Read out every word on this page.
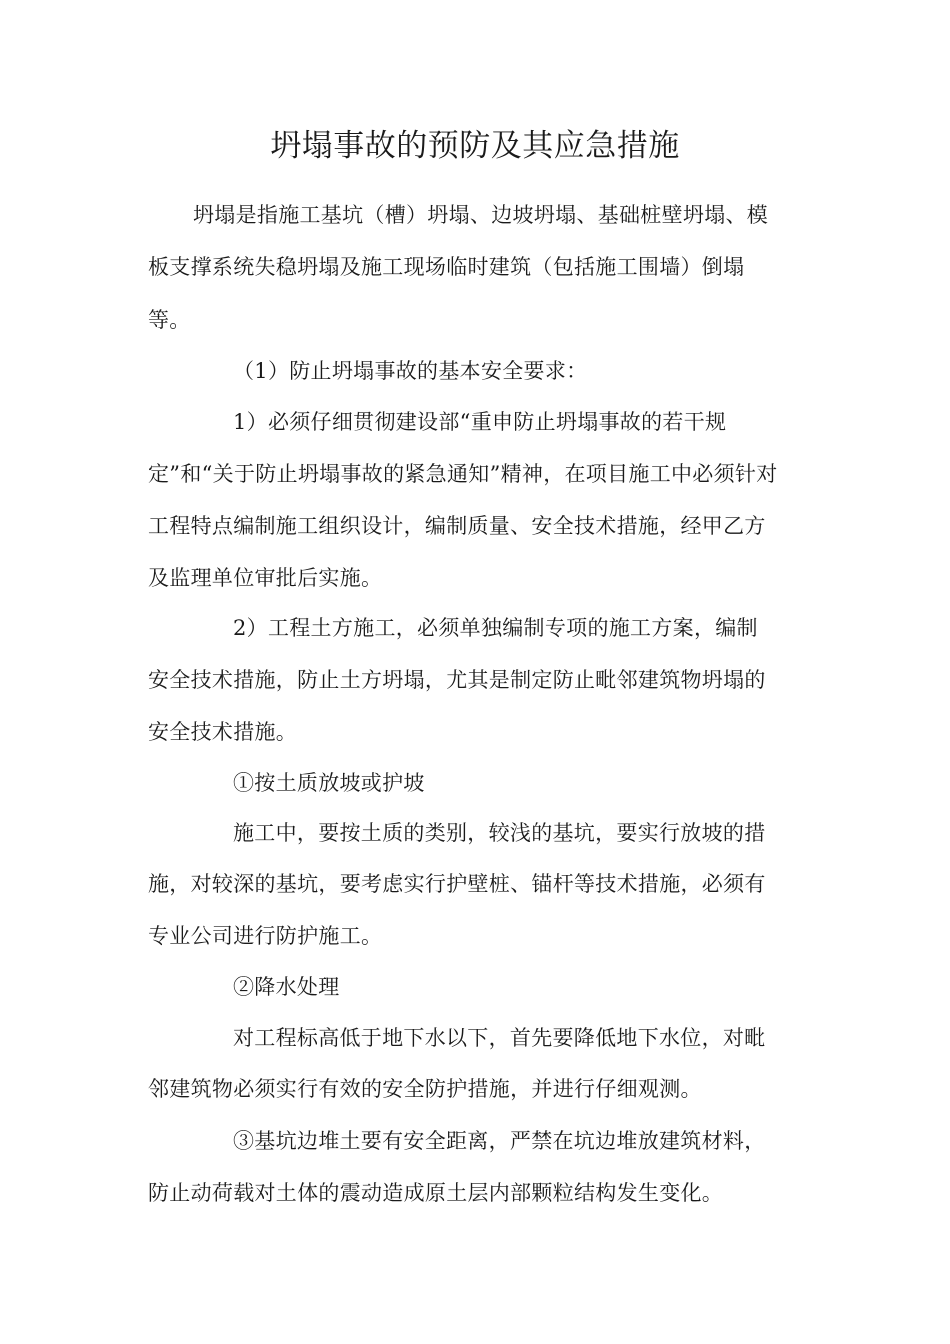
坍塌事故的预防及其应急措施
坍塌是指施工基坑（槽）坍塌、边坡坍塌、基础桩壁坍塌、模
板支撑系统失稳坍塌及施工现场临时建筑（包括施工围墙）倒塌
等。
（1）防止坍塌事故的基本安全要求：
1）必须仔细贯彻建设部“重申防止坍塌事故的若干规
定”和“关于防止坍塌事故的紧急通知”精神，在项目施工中必须针对
工程特点编制施工组织设计，编制质量、安全技术措施，经甲乙方
及监理单位审批后实施。
2）工程土方施工，必须单独编制专项的施工方案，编制
安全技术措施，防止土方坍塌，尤其是制定防止毗邻建筑物坍塌的
安全技术措施。
①按土质放坡或护坡
施工中，要按土质的类别，较浅的基坑，要实行放坡的措
施，对较深的基坑，要考虑实行护壁桩、锚杆等技术措施，必须有
专业公司进行防护施工。
②降水处理
对工程标高低于地下水以下，首先要降低地下水位，对毗
邻建筑物必须实行有效的安全防护措施，并进行仔细观测。
③基坑边堆土要有安全距离，严禁在坑边堆放建筑材料，
防止动荷载对土体的震动造成原土层内部颗粒结构发生变化。
